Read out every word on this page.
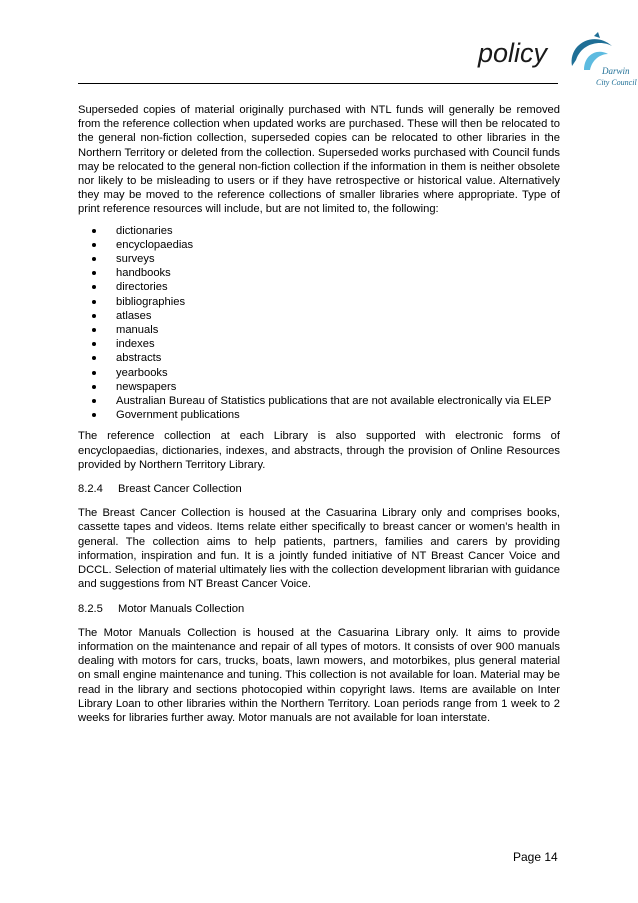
policy
Darwin
City Council

Superseded copies of material originally purchased with NTL funds will generally be removed from the reference collection when updated works are purchased. These will then be relocated to the general non-fiction collection, superseded copies can be relocated to other libraries in the Northern Territory or deleted from the collection. Superseded works purchased with Council funds may be relocated to the general non-fiction collection if the information in them is neither obsolete nor likely to be misleading to users or if they have retrospective or historical value. Alternatively they may be moved to the reference collections of smaller libraries where appropriate. Type of print reference resources will include, but are not limited to, the following:

dictionaries
encyclopaedias
surveys
handbooks
directories
bibliographies
atlases
manuals
indexes
abstracts
yearbooks
newspapers
Australian Bureau of Statistics publications that are not available electronically via ELEP
Government publications

The reference collection at each Library is also supported with electronic forms of encyclopaedias, dictionaries, indexes, and abstracts, through the provision of Online Resources provided by Northern Territory Library.

8.2.4 Breast Cancer Collection

The Breast Cancer Collection is housed at the Casuarina Library only and comprises books, cassette tapes and videos. Items relate either specifically to breast cancer or women’s health in general. The collection aims to help patients, partners, families and carers by providing information, inspiration and fun. It is a jointly funded initiative of NT Breast Cancer Voice and DCCL. Selection of material ultimately lies with the collection development librarian with guidance and suggestions from NT Breast Cancer Voice.

8.2.5 Motor Manuals Collection

The Motor Manuals Collection is housed at the Casuarina Library only. It aims to provide information on the maintenance and repair of all types of motors. It consists of over 900 manuals dealing with motors for cars, trucks, boats, lawn mowers, and motorbikes, plus general material on small engine maintenance and tuning. This collection is not available for loan. Material may be read in the library and sections photocopied within copyright laws. Items are available on Inter Library Loan to other libraries within the Northern Territory. Loan periods range from 1 week to 2 weeks for libraries further away. Motor manuals are not available for loan interstate.

Page 14
